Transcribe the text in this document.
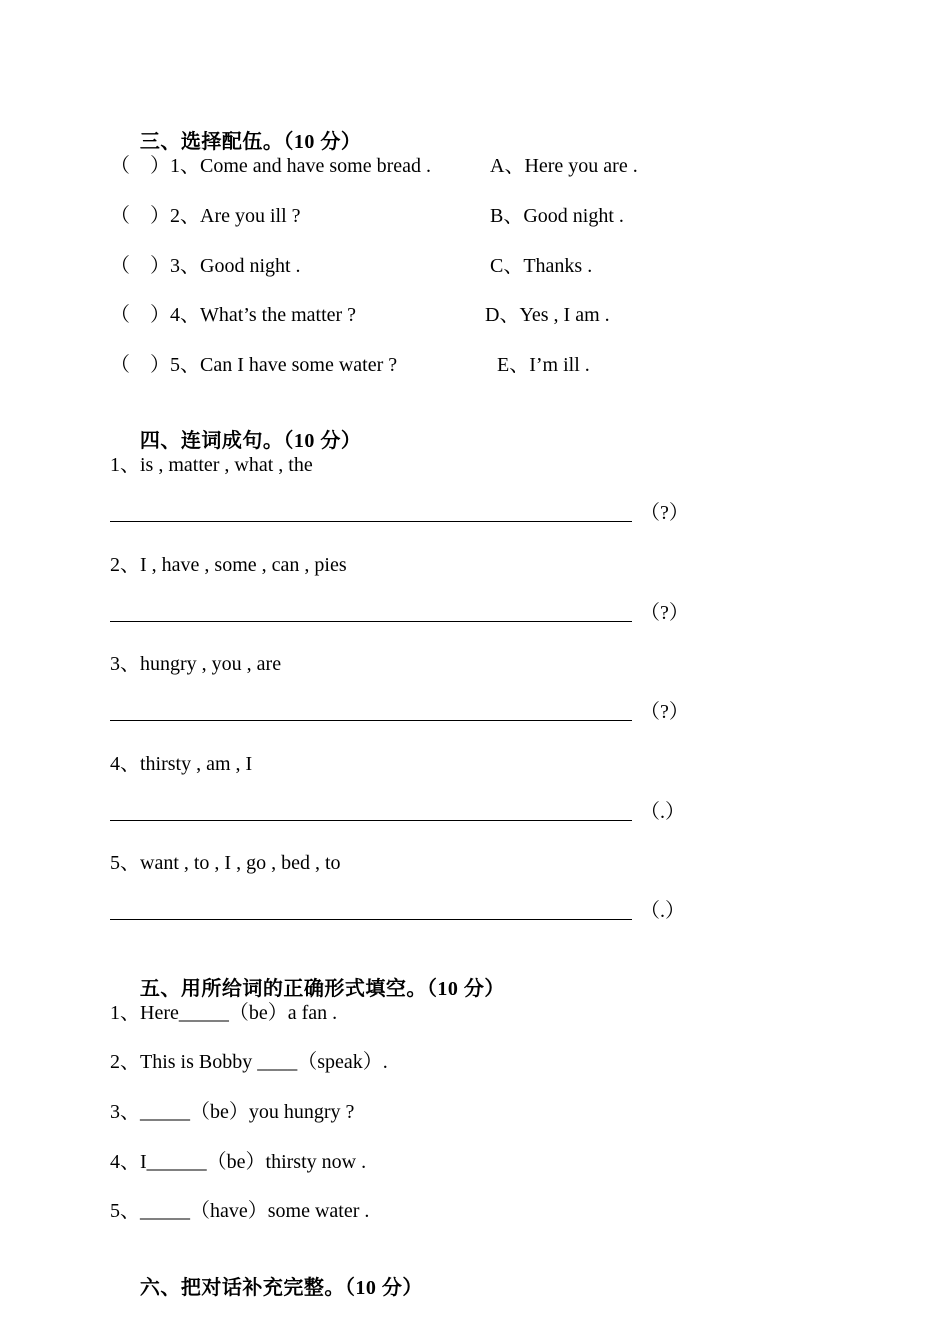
三、选择配伍。（10 分）

（    ）1、Come and have some bread .	A、Here you are .
（    ）2、Are you ill ?	B、Good night .
（    ）3、Good night .	C、Thanks .
（    ）4、What’s the matter ?	D、Yes , I am .
（    ）5、Can I have some water ?	E、I’m ill .

四、连词成句。（10 分）

1、is , matter , what , the
（?）
2、I , have , some , can , pies
（?）
3、hungry , you , are
（?）
4、thirsty , am , I
（.）
5、want , to , I , go , bed , to
（.）

五、用所给词的正确形式填空。（10 分）

1、Here_____（be）a fan .
2、This is Bobby ____（speak）.
3、_____（be）you hungry ?
4、I______（be）thirsty now .
5、_____（have）some water .

六、把对话补充完整。（10 分）
